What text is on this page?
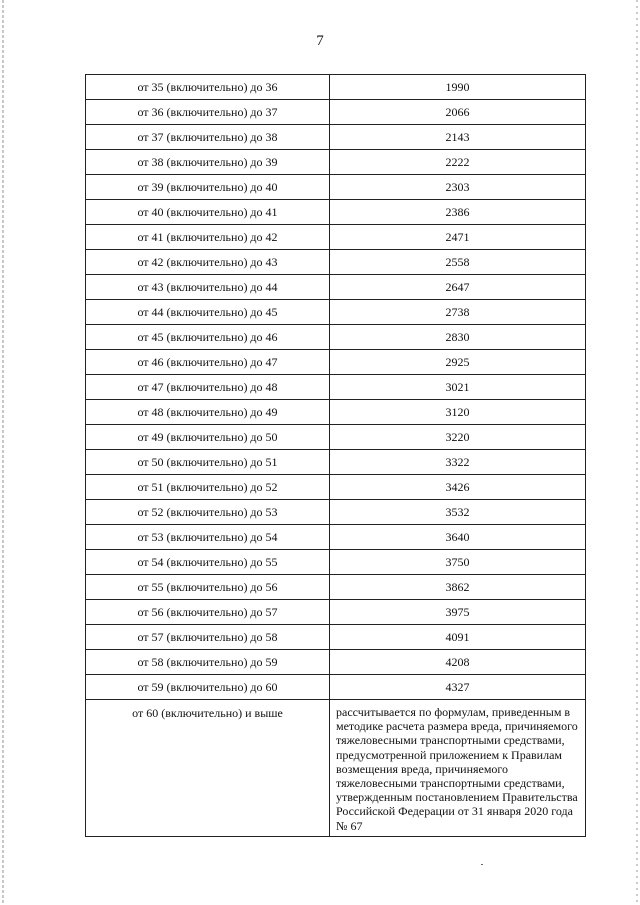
7
от 35 (включительно) до 36	1990
от 36 (включительно) до 37	2066
от 37 (включительно) до 38	2143
от 38 (включительно) до 39	2222
от 39 (включительно) до 40	2303
от 40 (включительно) до 41	2386
от 41 (включительно) до 42	2471
от 42 (включительно) до 43	2558
от 43 (включительно) до 44	2647
от 44 (включительно) до 45	2738
от 45 (включительно) до 46	2830
от 46 (включительно) до 47	2925
от 47 (включительно) до 48	3021
от 48 (включительно) до 49	3120
от 49 (включительно) до 50	3220
от 50 (включительно) до 51	3322
от 51 (включительно) до 52	3426
от 52 (включительно) до 53	3532
от 53 (включительно) до 54	3640
от 54 (включительно) до 55	3750
от 55 (включительно) до 56	3862
от 56 (включительно) до 57	3975
от 57 (включительно) до 58	4091
от 58 (включительно) до 59	4208
от 59 (включительно) до 60	4327
от 60 (включительно) и выше	рассчитывается по формулам, приведенным в методике расчета размера вреда, причиняемого тяжеловесными транспортными средствами, предусмотренной приложением к Правилам возмещения вреда, причиняемого тяжеловесными транспортными средствами, утвержденным постановлением Правительства Российской Федерации от 31 января 2020 года № 67
